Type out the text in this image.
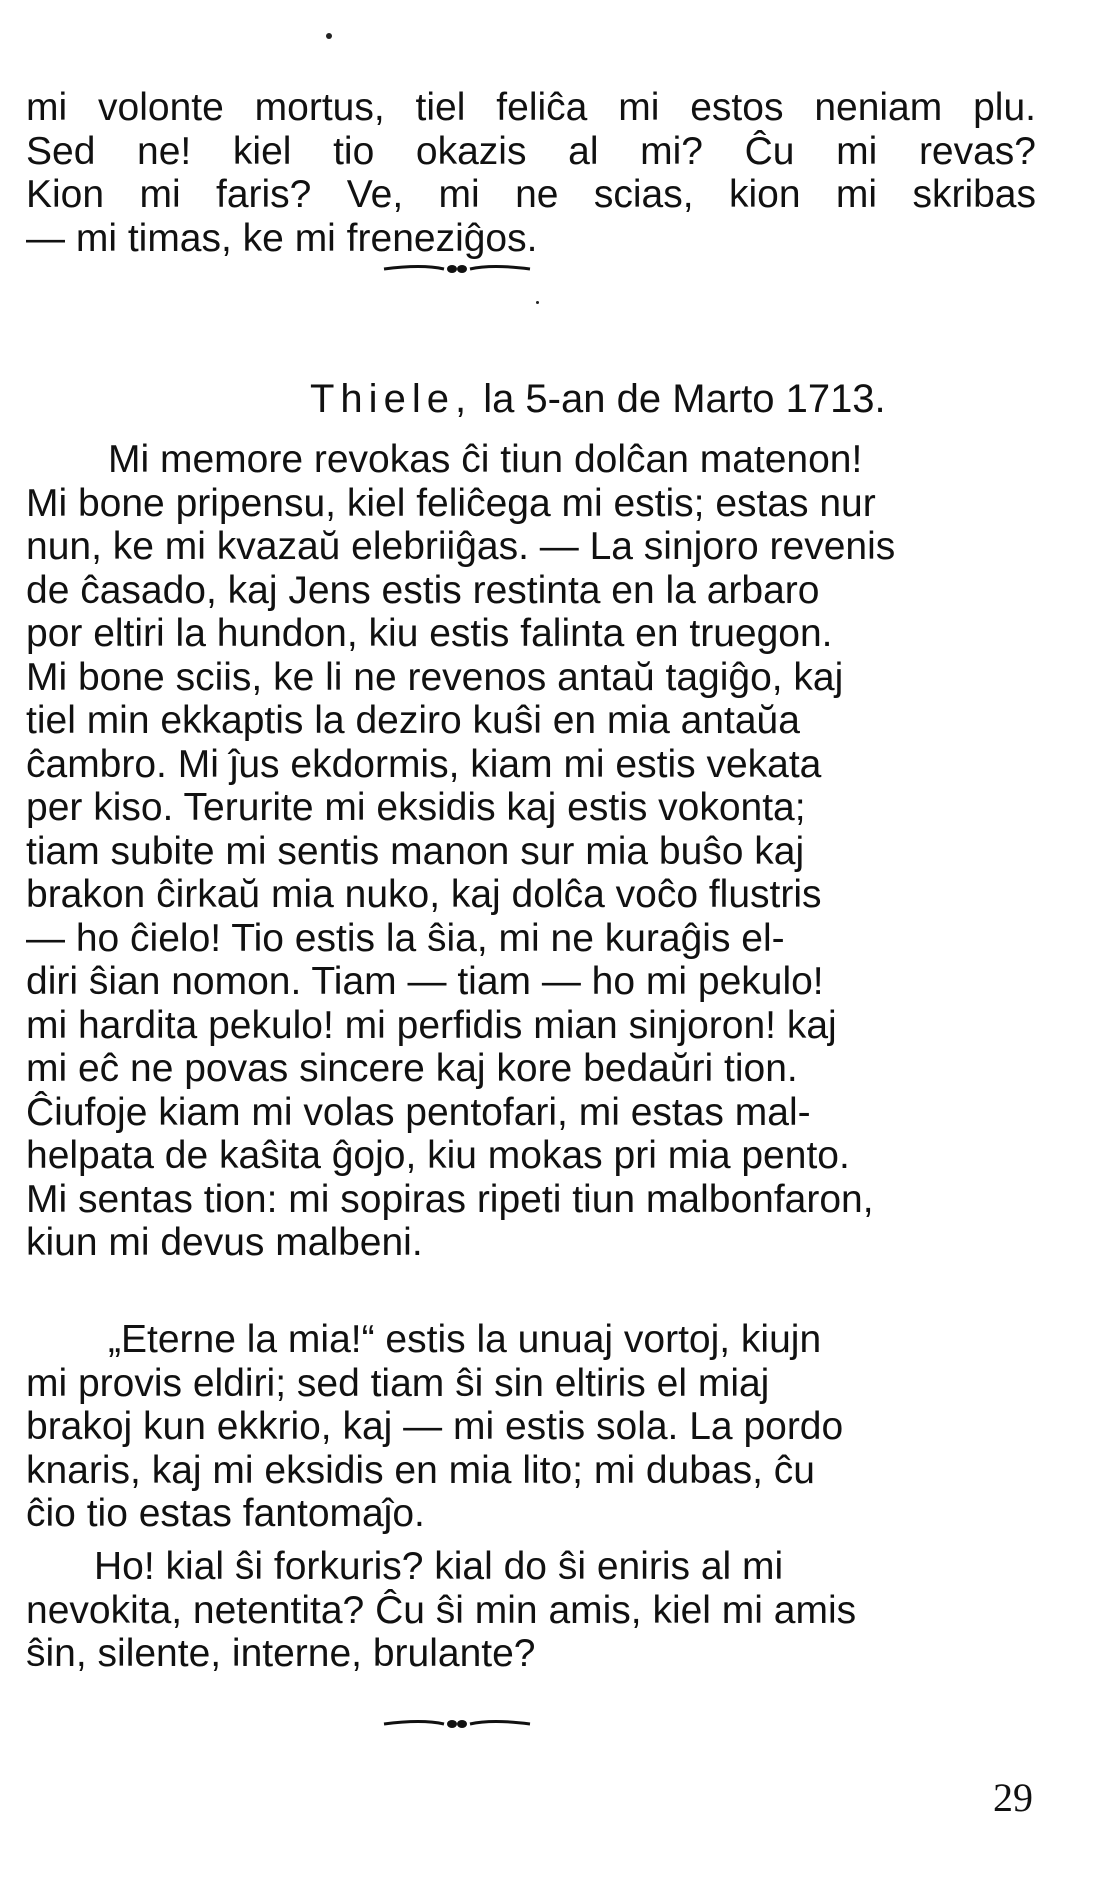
mi volonte mortus, tiel feliĉa mi estos neniam plu.
Sed ne! kiel tio okazis al mi? Ĉu mi revas?
Kion mi faris? Ve, mi ne scias, kion mi skribas
— mi timas, ke mi freneziĝos.
Thiele, la 5-an de Marto 1713.
Mi memore revokas ĉi tiun dolĉan matenon!
Mi bone pripensu, kiel feliĉega mi estis; estas nur
nun, ke mi kvazaŭ elebriiĝas. — La sinjoro revenis
de ĉasado, kaj Jens estis restinta en la arbaro
por eltiri la hundon, kiu estis falinta en truegon.
Mi bone sciis, ke li ne revenos antaŭ tagiĝo, kaj
tiel min ekkaptis la deziro kuŝi en mia antaŭa
ĉambro. Mi ĵus ekdormis, kiam mi estis vekata
per kiso. Terurite mi eksidis kaj estis vokonta;
tiam subite mi sentis manon sur mia buŝo kaj
brakon ĉirkaŭ mia nuko, kaj dolĉa voĉo flustris
— ho ĉielo! Tio estis la ŝia, mi ne kuraĝis el-
diri ŝian nomon. Tiam — tiam — ho mi pekulo!
mi hardita pekulo! mi perfidis mian sinjoron! kaj
mi eĉ ne povas sincere kaj kore bedaŭri tion.
Ĉiufoje kiam mi volas pentofari, mi estas mal-
helpata de kaŝita ĝojo, kiu mokas pri mia pento.
Mi sentas tion: mi sopiras ripeti tiun malbonfaron,
kiun mi devus malbeni.
„Eterne la mia!“ estis la unuaj vortoj, kiujn
mi provis eldiri; sed tiam ŝi sin eltiris el miaj
brakoj kun ekkrio, kaj — mi estis sola. La pordo
knaris, kaj mi eksidis en mia lito; mi dubas, ĉu
ĉio tio estas fantomaĵo.
Ho! kial ŝi forkuris? kial do ŝi eniris al mi
nevokita, netentita? Ĉu ŝi min amis, kiel mi amis
ŝin, silente, interne, brulante?
29
